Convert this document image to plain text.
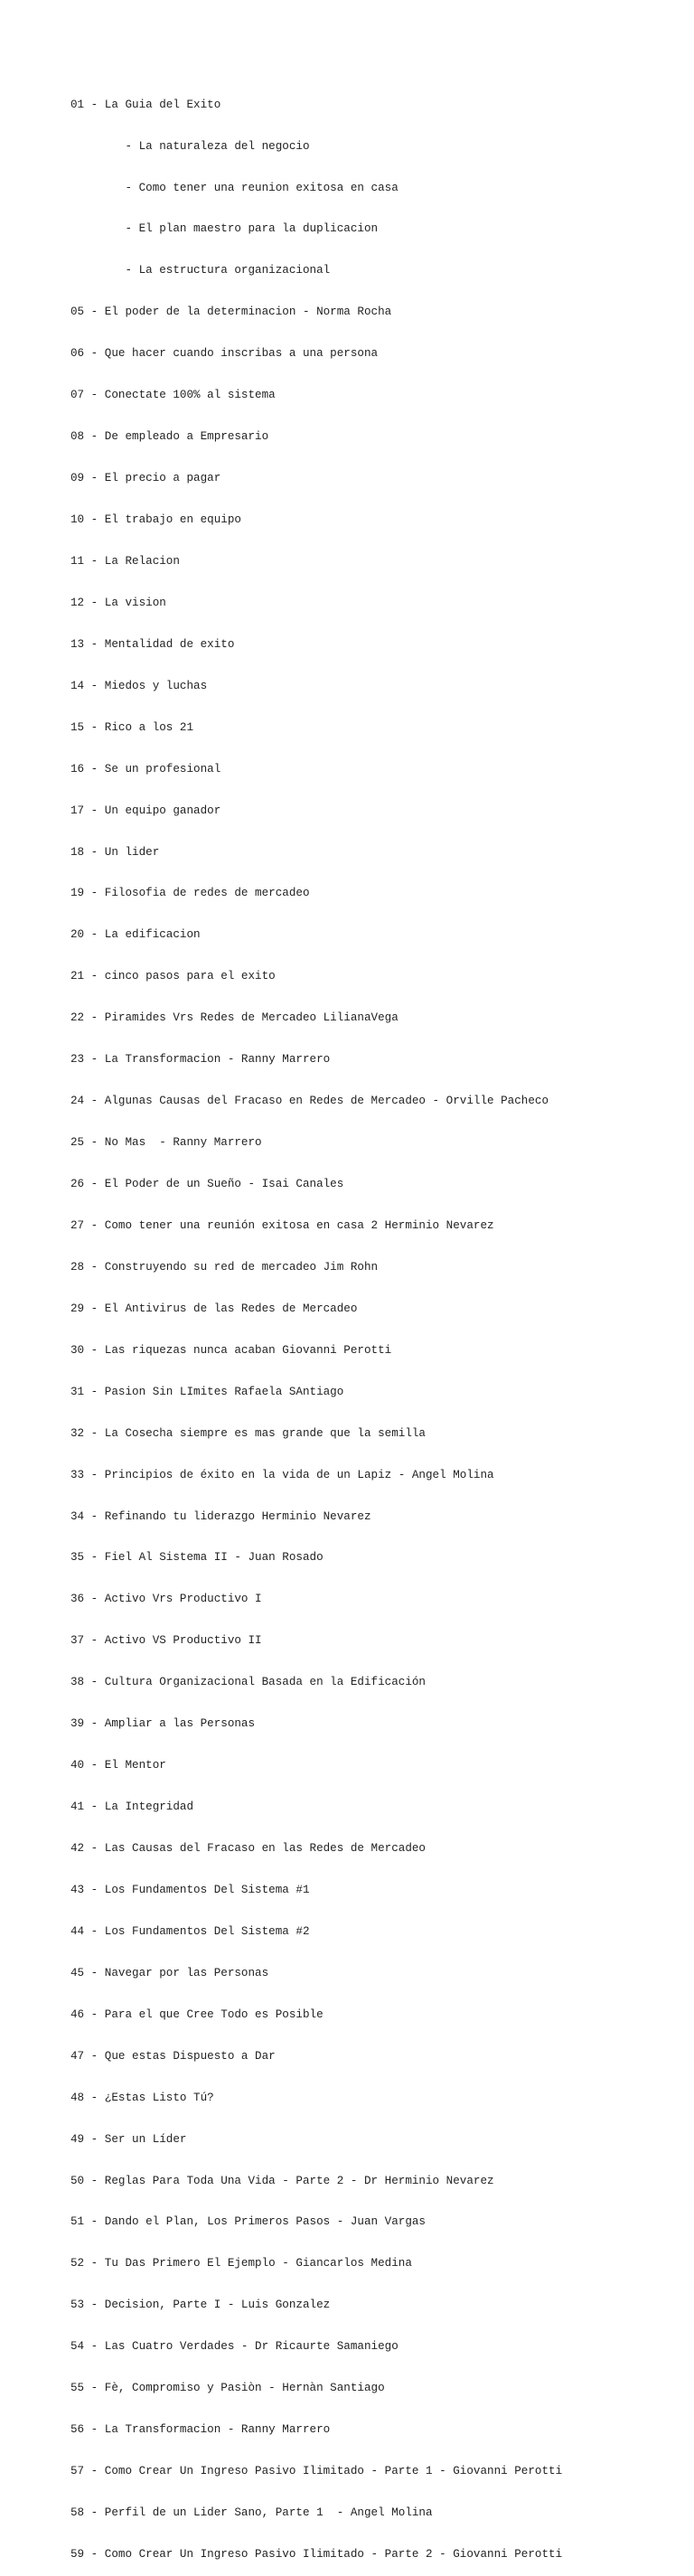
01 - La Guia del Exito

- La naturaleza del negocio

- Como tener una reunion exitosa en casa

- El plan maestro para la duplicacion

- La estructura organizacional

05 - El poder de la determinacion - Norma Rocha

06 - Que hacer cuando inscribas a una persona

07 - Conectate 100% al sistema

08 - De empleado a Empresario

09 - El precio a pagar

10 - El trabajo en equipo

11 - La Relacion

12 - La vision

13 - Mentalidad de exito

14 - Miedos y luchas

15 - Rico a los 21

16 - Se un profesional

17 - Un equipo ganador

18 - Un lider

19 - Filosofia de redes de mercadeo

20 - La edificacion

21 - cinco pasos para el exito

22 - Piramides Vrs Redes de Mercadeo LilianaVega

23 - La Transformacion - Ranny Marrero

24 - Algunas Causas del Fracaso en Redes de Mercadeo - Orville Pacheco

25 - No Mas  - Ranny Marrero

26 - El Poder de un Sueño - Isai Canales

27 - Como tener una reunión exitosa en casa 2 Herminio Nevarez

28 - Construyendo su red de mercadeo Jim Rohn

29 - El Antivirus de las Redes de Mercadeo

30 - Las riquezas nunca acaban Giovanni Perotti

31 - Pasion Sin LImites Rafaela SAntiago

32 - La Cosecha siempre es mas grande que la semilla

33 - Principios de éxito en la vida de un Lapiz - Angel Molina

34 - Refinando tu liderazgo Herminio Nevarez

35 - Fiel Al Sistema II - Juan Rosado

36 - Activo Vrs Productivo I

37 - Activo VS Productivo II

38 - Cultura Organizacional Basada en la Edificación

39 - Ampliar a las Personas

40 - El Mentor

41 - La Integridad

42 - Las Causas del Fracaso en las Redes de Mercadeo

43 - Los Fundamentos Del Sistema #1

44 - Los Fundamentos Del Sistema #2

45 - Navegar por las Personas

46 - Para el que Cree Todo es Posible

47 - Que estas Dispuesto a Dar

48 - ¿Estas Listo Tú?

49 - Ser un Líder

50 - Reglas Para Toda Una Vida - Parte 2 - Dr Herminio Nevarez

51 - Dando el Plan, Los Primeros Pasos - Juan Vargas

52 - Tu Das Primero El Ejemplo - Giancarlos Medina

53 - Decision, Parte I - Luis Gonzalez

54 - Las Cuatro Verdades - Dr Ricaurte Samaniego

55 - Fè, Compromiso y Pasiòn - Hernàn Santiago

56 - La Transformacion - Ranny Marrero

57 - Como Crear Un Ingreso Pasivo Ilimitado - Parte 1 - Giovanni Perotti

58 - Perfil de un Lider Sano, Parte 1  - Angel Molina

59 - Como Crear Un Ingreso Pasivo Ilimitado - Parte 2 - Giovanni Perotti
